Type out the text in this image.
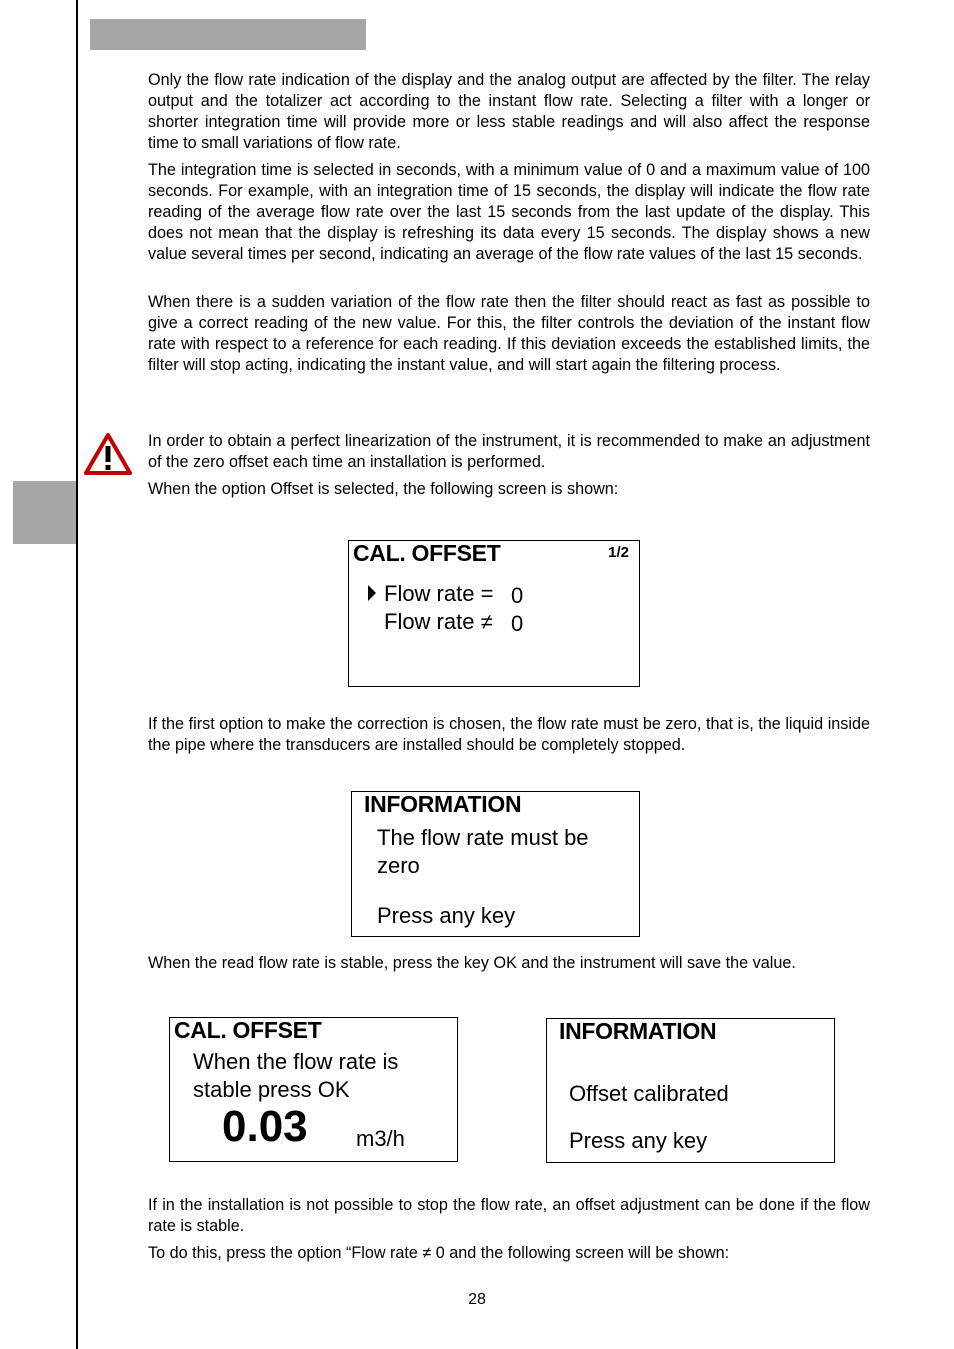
Only the flow rate indication of the display and the analog output are affected by the filter. The relay output and the totalizer act according to the instant flow rate. Selecting a filter with a longer or shorter integration time will provide more or less stable readings and will also affect the response time to small variations of flow rate.

The integration time is selected in seconds, with a minimum value of 0 and a maximum value of 100 seconds. For example, with an integration time of 15 seconds, the display will indicate the flow rate reading of the average flow rate over the last 15 seconds from the last update of the display. This does not mean that the display is refreshing its data every 15 seconds. The display shows a new value several times per second, indicating an average of the flow rate values of the last 15 seconds.

When there is a sudden variation of the flow rate then the filter should react as fast as possible to give a correct reading of the new value. For this, the filter controls the deviation of the instant flow rate with respect to a reference for each reading. If this deviation exceeds the established limits, the filter will stop acting, indicating the instant value, and will start again the filtering process.

In order to obtain a perfect linearization of the instrument, it is recommended to make an adjustment of the zero offset each time an installation is performed.

When the option Offset is selected, the following screen is shown:

CAL. OFFSET	1/2
Flow rate = 0
Flow rate ≠ 0

If the first option to make the correction is chosen, the flow rate must be zero, that is, the liquid inside the pipe where the transducers are installed should be completely stopped.

INFORMATION
The flow rate must be
zero
Press any key

When the read flow rate is stable, press the key OK and the instrument will save the value.

CAL. OFFSET
When the flow rate is
stable press OK
0.03 m3/h
INFORMATION
Offset calibrated
Press any key

If in the installation is not possible to stop the flow rate, an offset adjustment can be done if the flow rate is stable.

To do this, press the option “Flow rate ≠ 0 and the following screen will be shown:

28
